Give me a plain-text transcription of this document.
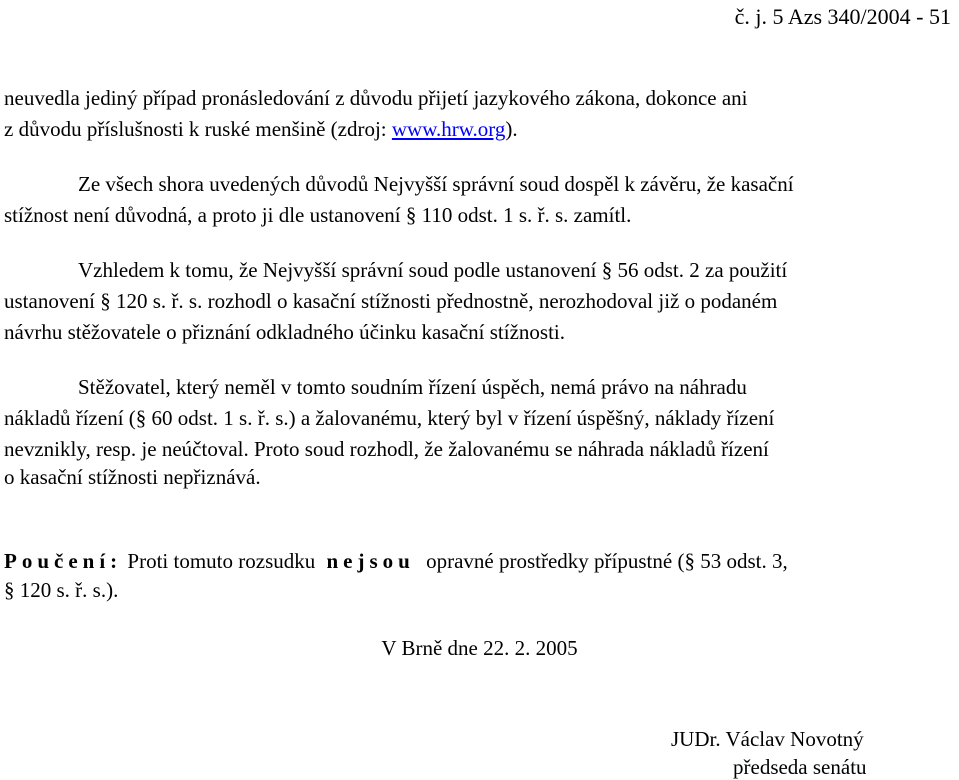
č. j. 5 Azs 340/2004 - 51
neuvedla jediný případ pronásledování z důvodu přijetí jazykového zákona, dokonce ani
z důvodu příslušnosti k ruské menšině (zdroj: www.hrw.org).
Ze všech shora uvedených důvodů Nejvyšší správní soud dospěl k závěru, že kasační
stížnost není důvodná, a proto ji dle ustanovení § 110 odst. 1 s. ř. s. zamítl.
Vzhledem k tomu, že Nejvyšší správní soud podle ustanovení § 56 odst. 2 za použití
ustanovení § 120 s. ř. s. rozhodl o kasační stížnosti přednostně, nerozhodoval již o podaném
návrhu stěžovatele o přiznání odkladného účinku kasační stížnosti.
Stěžovatel, který neměl v tomto soudním řízení úspěch, nemá právo na náhradu
nákladů řízení (§ 60 odst. 1 s. ř. s.) a žalovanému, který byl v řízení úspěšný, náklady řízení
nevznikly, resp. je neúčtoval. Proto soud rozhodl, že žalovanému se náhrada nákladů řízení
o kasační stížnosti nepřiznává.
Poučení: Proti tomuto rozsudku nejsou opravné prostředky přípustné (§ 53 odst. 3,
§ 120 s. ř. s.).
V Brně dne 22. 2. 2005
JUDr. Václav Novotný
předseda senátu
